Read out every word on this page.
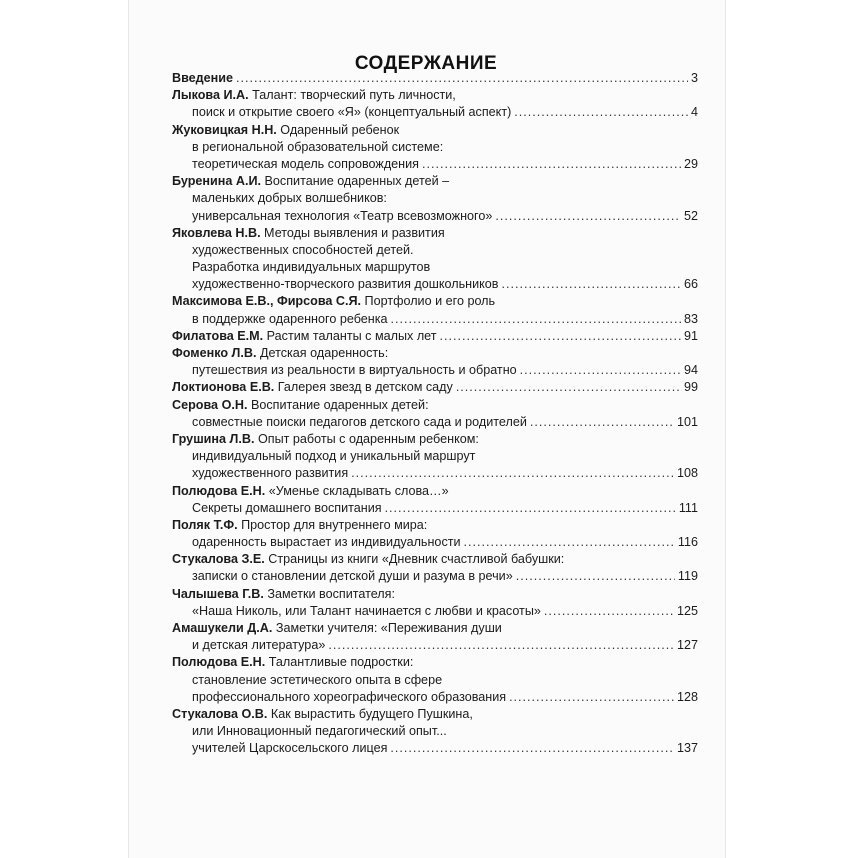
СОДЕРЖАНИЕ
Введение .....	3
Лыкова И.А. Талант: творческий путь личности,
поиск и открытие своего «Я» (концептуальный аспект) .....	4
Жуковицкая Н.Н. Одаренный ребенок
в региональной образовательной системе:
теоретическая модель сопровождения .....	29
Буренина А.И. Воспитание одаренных детей –
маленьких добрых волшебников:
универсальная технология «Театр всевозможного» .....	52
Яковлева Н.В. Методы выявления и развития
художественных способностей детей.
Разработка индивидуальных маршрутов
художественно-творческого развития дошкольников .....	66
Максимова Е.В., Фирсова С.Я. Портфолио и его роль
в поддержке одаренного ребенка .....	83
Филатова Е.М. Растим таланты с малых лет .....	91
Фоменко Л.В. Детская одаренность:
путешествия из реальности в виртуальность и обратно .....	94
Локтионова Е.В. Галерея звезд в детском саду .....	99
Серова О.Н. Воспитание одаренных детей:
совместные поиски педагогов детского сада и родителей .....	101
Грушина Л.В. Опыт работы с одаренным ребенком:
индивидуальный подход и уникальный маршрут
художественного развития .....	108
Полюдова Е.Н. «Уменье складывать слова…»
Секреты домашнего воспитания .....	111
Поляк Т.Ф. Простор для внутреннего мира:
одаренность вырастает из индивидуальности .....	116
Стукалова З.Е. Страницы из книги «Дневник счастливой бабушки:
записки о становлении детской души и разума в речи» .....	119
Чалышева Г.В. Заметки воспитателя:
«Наша Николь, или Талант начинается с любви и красоты» .....	125
Амашукели Д.А. Заметки учителя: «Переживания души
и детская литература» .....	127
Полюдова Е.Н. Талантливые подростки:
становление эстетического опыта в сфере
профессионального хореографического образования .....	128
Стукалова О.В. Как вырастить будущего Пушкина,
или Инновационный педагогический опыт...
учителей Царскосельского лицея .....	137
